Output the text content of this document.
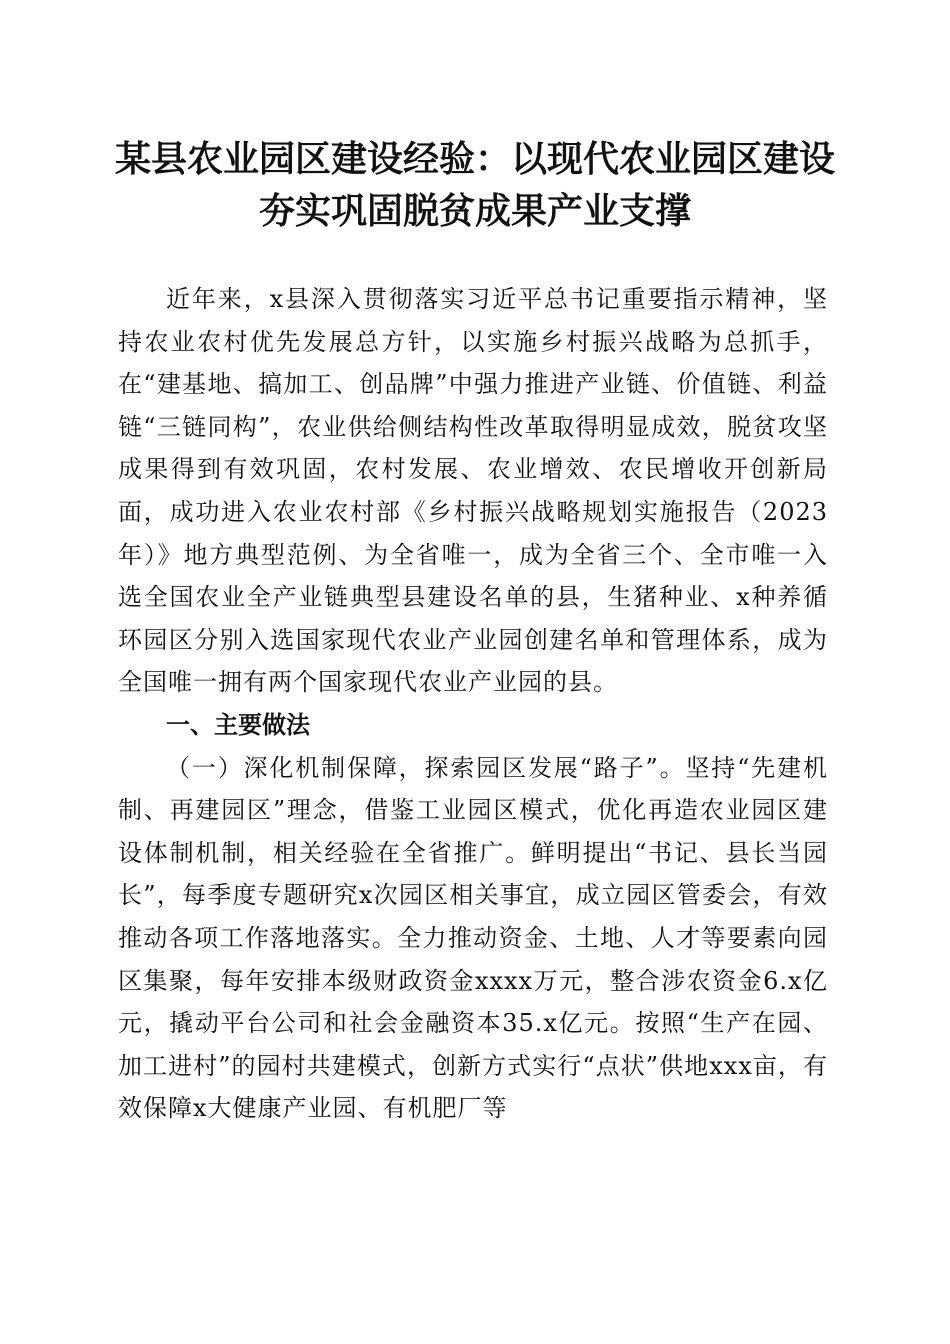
某县农业园区建设经验：以现代农业园区建设
夯实巩固脱贫成果产业支撑

近年来，x县深入贯彻落实习近平总书记重要指示精神，坚持农业农村优先发展总方针，以实施乡村振兴战略为总抓手，在“建基地、搞加工、创品牌”中强力推进产业链、价值链、利益链“三链同构”，农业供给侧结构性改革取得明显成效，脱贫攻坚成果得到有效巩固，农村发展、农业增效、农民增收开创新局面，成功进入农业农村部《乡村振兴战略规划实施报告（2023年）》地方典型范例、为全省唯一，成为全省三个、全市唯一入选全国农业全产业链典型县建设名单的县，生猪种业、x种养循环园区分别入选国家现代农业产业园创建名单和管理体系，成为全国唯一拥有两个国家现代农业产业园的县。

一、主要做法

（一）深化机制保障，探索园区发展“路子”。坚持“先建机制、再建园区”理念，借鉴工业园区模式，优化再造农业园区建设体制机制，相关经验在全省推广。鲜明提出“书记、县长当园长”，每季度专题研究x次园区相关事宜，成立园区管委会，有效推动各项工作落地落实。全力推动资金、土地、人才等要素向园区集聚，每年安排本级财政资金xxxx万元，整合涉农资金6.x亿元，撬动平台公司和社会金融资本35.x亿元。按照“生产在园、加工进村”的园村共建模式，创新方式实行“点状”供地xxx亩，有效保障x大健康产业园、有机肥厂等
